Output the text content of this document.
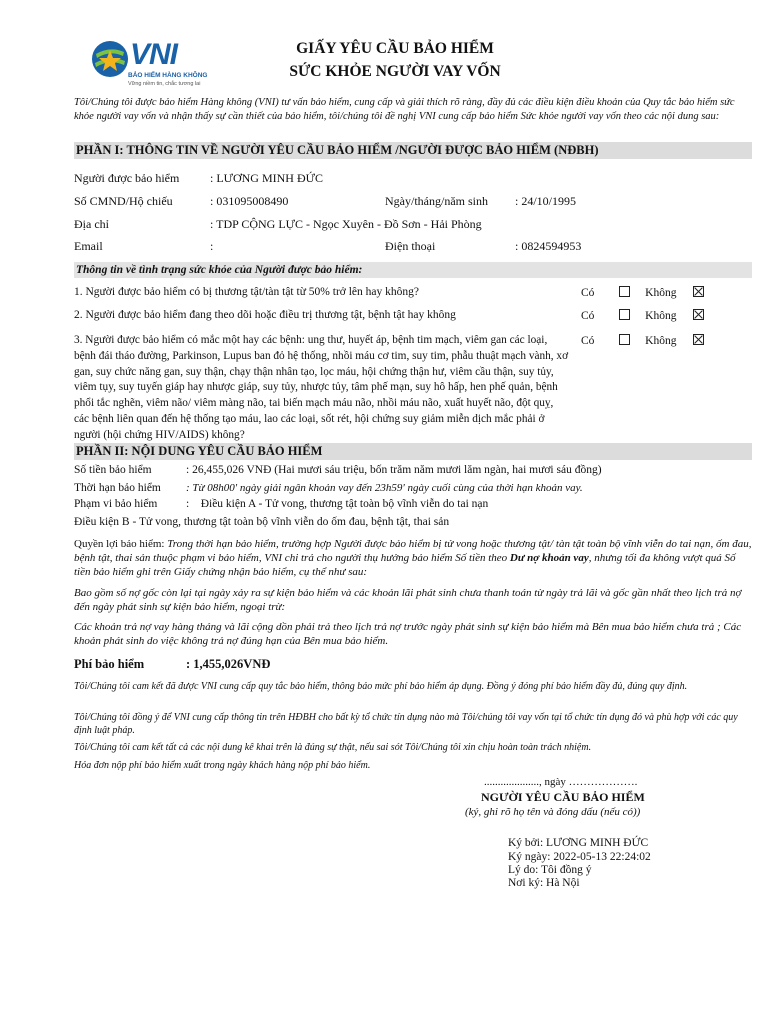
VNI
BẢO HIỂM HÀNG KHÔNG
Vững niềm tin, chắc tương lai
GIẤY YÊU CẦU BẢO HIỂM
SỨC KHỎE NGƯỜI VAY VỐN
Tôi/Chúng tôi được bảo hiểm Hàng không (VNI) tư vấn bảo hiểm, cung cấp và giải thích rõ ràng, đầy đủ các điều kiện điều khoản của Quy tắc bảo hiểm sức khỏe người vay vốn và nhận thấy sự cần thiết của bảo hiểm, tôi/chúng tôi đề nghị VNI cung cấp bảo hiểm Sức khỏe người vay vốn theo các nội dung sau:
PHẦN I: THÔNG TIN VỀ NGƯỜI YÊU CẦU BẢO HIỂM /NGƯỜI ĐƯỢC BẢO HIỂM (NĐBH)
Người được bảo hiểm	: LƯƠNG MINH ĐỨC
Số CMND/Hộ chiếu	: 031095008490	Ngày/tháng/năm sinh : 24/10/1995
Địa chỉ	: TDP CỘNG LỰC - Ngọc Xuyên - Đồ Sơn - Hải Phòng
Email	:	Điện thoại	: 0824594953
Thông tin về tình trạng sức khỏe của Người được bảo hiểm:
1. Người được bảo hiểm có bị thương tật/tàn tật từ 50% trở lên hay không?	Có	Không
2. Người được bảo hiểm đang theo dõi hoặc điều trị thương tật, bệnh tật hay không	Có	Không
3. Người được bảo hiểm có mắc một hay các bệnh: ung thư, huyết áp, bệnh tim mạch, viêm gan các loại, bệnh đái tháo đường, Parkinson, Lupus ban đỏ hệ thống, nhồi máu cơ tim, suy tim, phẫu thuật mạch vành, xơ gan, suy chức năng gan, suy thận, chạy thận nhân tạo, lọc máu, hội chứng thận hư, viêm cầu thận, suy tủy, viêm tụy, suy tuyến giáp hay nhược giáp, suy tủy, nhược tủy, tâm phế mạn, suy hô hấp, hen phế quản, bệnh phổi tắc nghẽn, viêm não/ viêm màng não, tai biến mạch máu não, nhồi máu não, xuất huyết não, đột quỵ, các bệnh liên quan đến hệ thống tạo máu, lao các loại, sốt rét, hội chứng suy giảm miễn dịch mắc phải ở người (hội chứng HIV/AIDS) không?
Có	Không
PHẦN II: NỘI DUNG YÊU CẦU BẢO HIỂM
Số tiền bảo hiểm	: 26,455,026 VNĐ (Hai mươi sáu triệu, bốn trăm năm mươi lăm ngàn, hai mươi sáu đồng)
Thời hạn bảo hiểm : Từ 08h00' ngày giải ngân khoản vay đến 23h59' ngày cuối cùng của thời hạn khoản vay.
Phạm vi bảo hiểm :    Điều kiện A - Tử vong, thương tật toàn bộ vĩnh viễn do tai nạn
Điều kiện B - Tử vong, thương tật toàn bộ vĩnh viễn do ốm đau, bệnh tật, thai sản
Quyền lợi bảo hiểm: Trong thời hạn bảo hiểm, trường hợp Người được bảo hiểm bị tử vong hoặc thương tật/ tàn tật toàn bộ vĩnh viễn do tai nạn, ốm đau, bệnh tật, thai sản thuộc phạm vi bảo hiểm, VNI chi trả cho người thụ hưởng bảo hiểm Số tiền theo Dư nợ khoản vay, nhưng tối đa không vượt quá Số tiền bảo hiểm ghi trên Giấy chứng nhận bảo hiểm, cụ thể như sau:
Bao gồm số nợ gốc còn lại tại ngày xảy ra sự kiện bảo hiểm và các khoản lãi phát sinh chưa thanh toán từ ngày trả lãi và gốc gần nhất theo lịch trả nợ đến ngày phát sinh sự kiện bảo hiểm, ngoại trừ:
Các khoản trả nợ vay hàng tháng và lãi cộng dồn phải trả theo lịch trả nợ trước ngày phát sinh sự kiện bảo hiểm mà Bên mua bảo hiểm chưa trả ; Các khoản phát sinh do việc không trả nợ đúng hạn của Bên mua bảo hiểm.
Phí bảo hiểm	: 1,455,026VNĐ
Tôi/Chúng tôi cam kết đã được VNI cung cấp quy tắc bảo hiểm, thông báo mức phí bảo hiểm áp dụng. Đồng ý đóng phí bảo hiểm đầy đủ, đúng quy định.
Tôi/Chúng tôi đồng ý để VNI cung cấp thông tin trên HĐBH cho bất kỳ tổ chức tín dụng nào mà Tôi/chúng tôi vay vốn tại tổ chức tín dụng đó và phù hợp với các quy định luật pháp.
Tôi/Chúng tôi cam kết tất cả các nội dung kê khai trên là đúng sự thật, nếu sai sót Tôi/Chúng tôi xin chịu hoàn toàn trách nhiệm.
Hóa đơn nộp phí bảo hiểm xuất trong ngày khách hàng nộp phí bảo hiểm.
...................., ngày ……………….
NGƯỜI YÊU CẦU BẢO HIỂM
(ký, ghi rõ họ tên và đóng dấu (nếu có))
Ký bởi: LƯƠNG MINH ĐỨC
Ký ngày: 2022-05-13 22:24:02
Lý do: Tôi đồng ý
Nơi ký: Hà Nội
